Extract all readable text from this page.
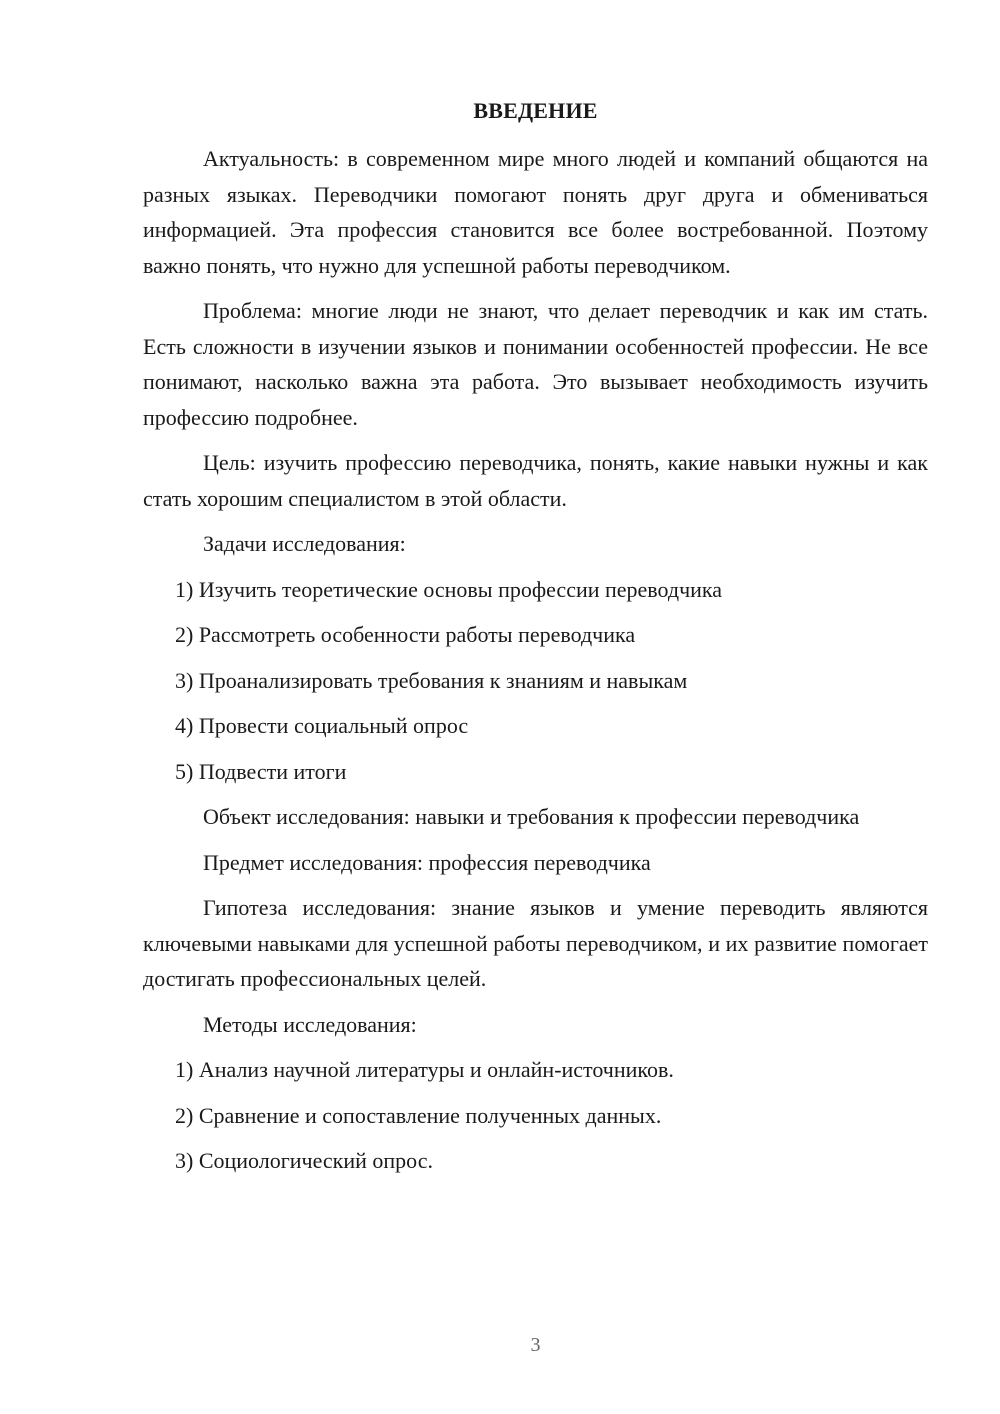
ВВЕДЕНИЕ

Актуальность: в современном мире много людей и компаний общаются на разных языках. Переводчики помогают понять друг друга и обмениваться информацией. Эта профессия становится все более востребованной. Поэтому важно понять, что нужно для успешной работы переводчиком.

Проблема: многие люди не знают, что делает переводчик и как им стать. Есть сложности в изучении языков и понимании особенностей профессии. Не все понимают, насколько важна эта работа. Это вызывает необходимость изучить профессию подробнее.

Цель: изучить профессию переводчика, понять, какие навыки нужны и как стать хорошим специалистом в этой области.

Задачи исследования:

1) Изучить теоретические основы профессии переводчика
2) Рассмотреть особенности работы переводчика
3) Проанализировать требования к знаниям и навыкам
4) Провести социальный опрос
5) Подвести итоги

Объект исследования: навыки и требования к профессии переводчика

Предмет исследования: профессия переводчика

Гипотеза исследования: знание языков и умение переводить являются ключевыми навыками для успешной работы переводчиком, и их развитие помогает достигать профессиональных целей.

Методы исследования:

1) Анализ научной литературы и онлайн-источников.
2) Сравнение и сопоставление полученных данных.
3) Социологический опрос.
3
